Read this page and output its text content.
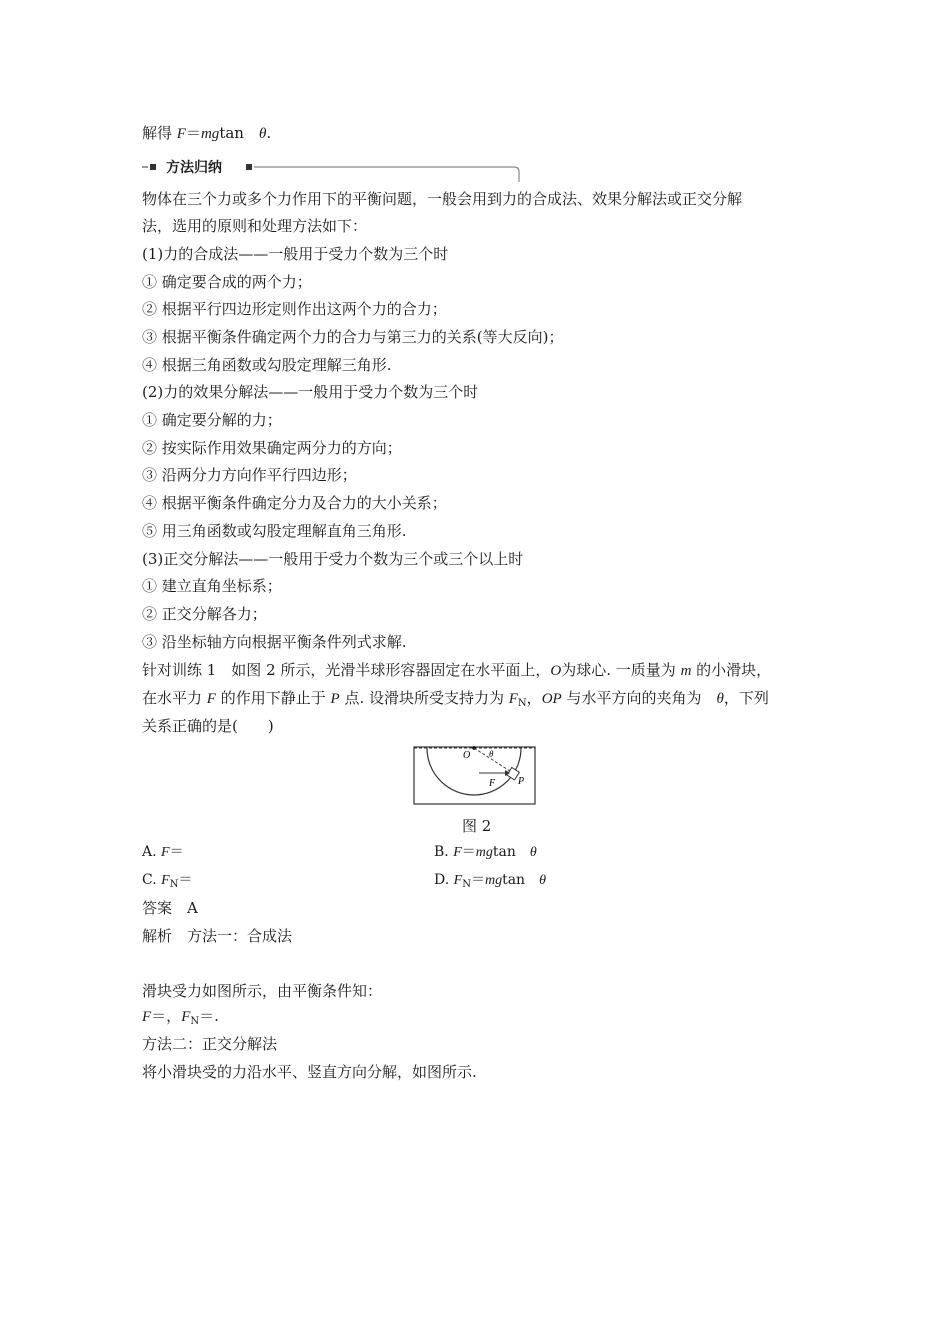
解得 F＝mgtan　θ.
方法归纳
物体在三个力或多个力作用下的平衡问题，一般会用到力的合成法、效果分解法或正交分解
法，选用的原则和处理方法如下：
(1)力的合成法——一般用于受力个数为三个时
① 确定要合成的两个力；
② 根据平行四边形定则作出这两个力的合力；
③ 根据平衡条件确定两个力的合力与第三力的关系(等大反向)；
④ 根据三角函数或勾股定理解三角形.
(2)力的效果分解法——一般用于受力个数为三个时
① 确定要分解的力；
② 按实际作用效果确定两分力的方向；
③ 沿两分力方向作平行四边形；
④ 根据平衡条件确定分力及合力的大小关系；
⑤ 用三角函数或勾股定理解直角三角形.
(3)正交分解法——一般用于受力个数为三个或三个以上时
① 建立直角坐标系；
② 正交分解各力；
③ 沿坐标轴方向根据平衡条件列式求解.
针对训练 1　如图 2 所示，光滑半球形容器固定在水平面上，O为球心. 一质量为 m 的小滑块，
在水平力 F 的作用下静止于 P 点. 设滑块所受支持力为 $F_N$，OP 与水平方向的夹角为　θ，下列
关系正确的是(　　)
O θ
F P
图 2
A. F＝	B. F＝mgtan　θ
C. $F_N=$	D. $F_N=mgtan$　θ
答案　A
解析　方法一：合成法
滑块受力如图所示，由平衡条件知：
F＝，$F_N=$.
方法二：正交分解法
将小滑块受的力沿水平、竖直方向分解，如图所示.
